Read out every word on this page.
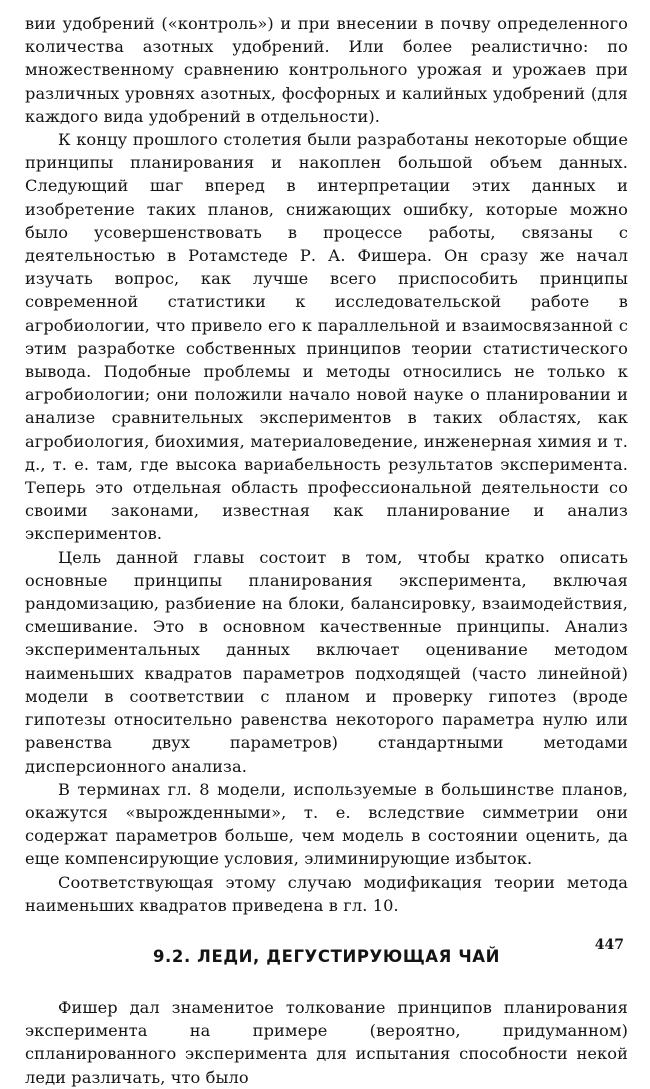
вии удобрений («контроль») и при внесении в почву определенного количества азотных удобрений. Или более реалистично: по множественному сравнению контрольного урожая и урожаев при различных уровнях азотных, фосфорных и калийных удобрений (для каждого вида удобрений в отдельности).

К концу прошлого столетия были разработаны некоторые общие принципы планирования и накоплен большой объем данных. Следующий шаг вперед в интерпретации этих данных и изобретение таких планов, снижающих ошибку, которые можно было усовершенствовать в процессе работы, связаны с деятельностью в Ротамстеде Р. А. Фишера. Он сразу же начал изучать вопрос, как лучше всего приспособить принципы современной статистики к исследовательской работе в агробиологии, что привело его к параллельной и взаимосвязанной с этим разработке собственных принципов теории статистического вывода. Подобные проблемы и методы относились не только к агробиологии; они положили начало новой науке о планировании и анализе сравнительных экспериментов в таких областях, как агробиология, биохимия, материаловедение, инженерная химия и т. д., т. е. там, где высока вариабельность результатов эксперимента. Теперь это отдельная область профессиональной деятельности со своими законами, известная как планирование и анализ экспериментов.

Цель данной главы состоит в том, чтобы кратко описать основные принципы планирования эксперимента, включая рандомизацию, разбиение на блоки, балансировку, взаимодействия, смешивание. Это в основном качественные принципы. Анализ экспериментальных данных включает оценивание методом наименьших квадратов параметров подходящей (часто линейной) модели в соответствии с планом и проверку гипотез (вроде гипотезы относительно равенства некоторого параметра нулю или равенства двух параметров) стандартными методами дисперсионного анализа.

В терминах гл. 8 модели, используемые в большинстве планов, окажутся «вырожденными», т. е. вследствие симметрии они содержат параметров больше, чем модель в состоянии оценить, да еще компенсирующие условия, элиминирующие избыток.

Соответствующая этому случаю модификация теории метода наименьших квадратов приведена в гл. 10.

9.2. ЛЕДИ, ДЕГУСТИРУЮЩАЯ ЧАЙ

Фишер дал знаменитое толкование принципов планирования эксперимента на примере (вероятно, придуманном) спланированного эксперимента для испытания способности некой леди различать, что было

447
